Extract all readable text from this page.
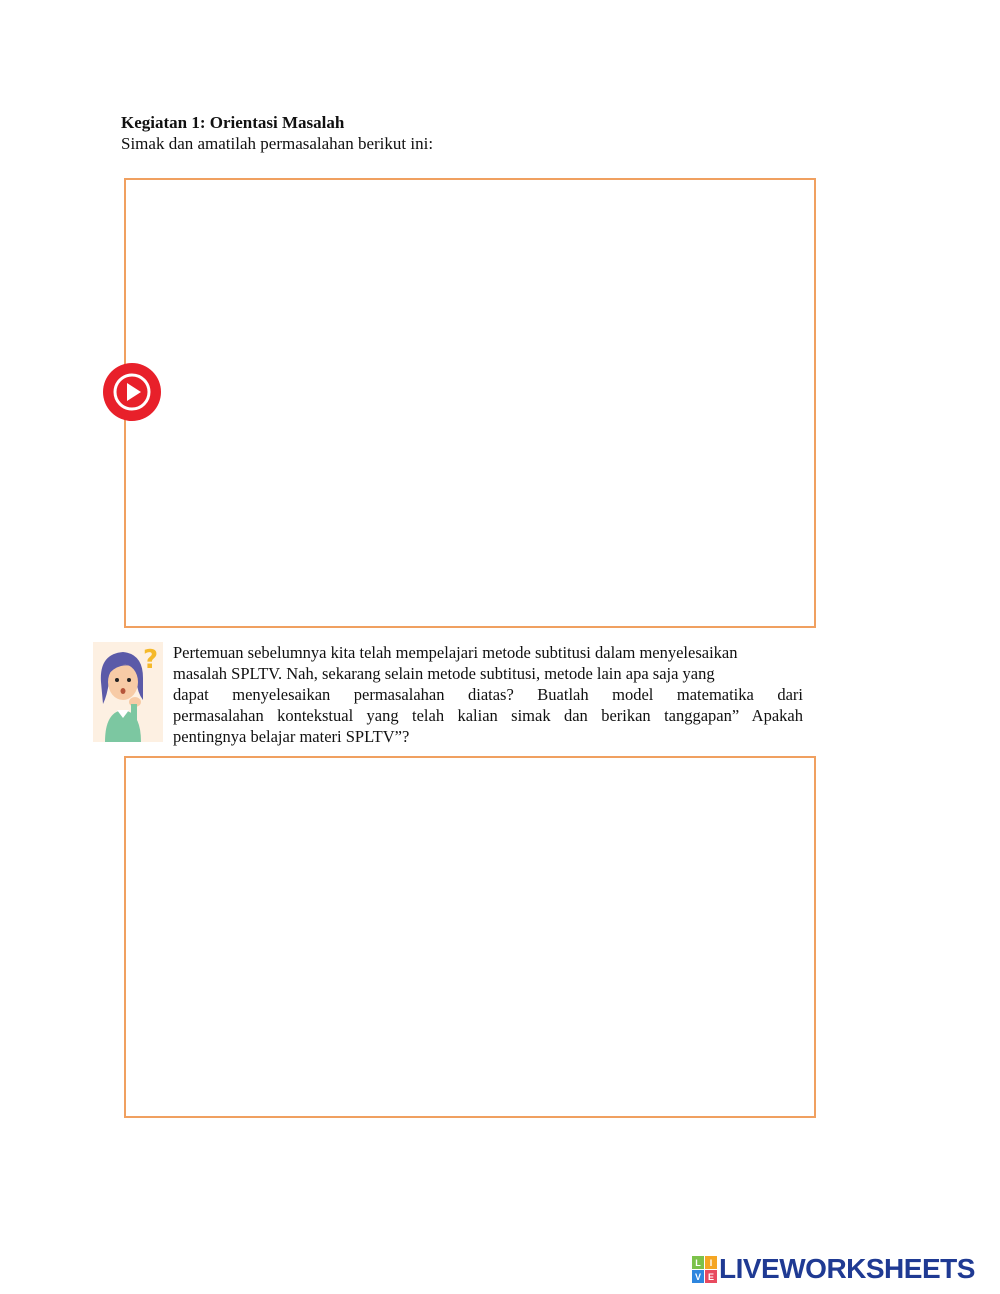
Kegiatan 1: Orientasi Masalah
Simak dan amatilah permasalahan berikut ini:
? Pertemuan sebelumnya kita telah mempelajari metode subtitusi dalam menyelesaikan
masalah SPLTV. Nah, sekarang selain metode subtitusi, metode lain apa saja yang
dapat menyelesaikan permasalahan diatas? Buatlah model matematika dari
permasalahan kontekstual yang telah kalian simak dan berikan tanggapan” Apakah
pentingnya belajar materi SPLTV”?
L I
V E LIVEWORKSHEETS
